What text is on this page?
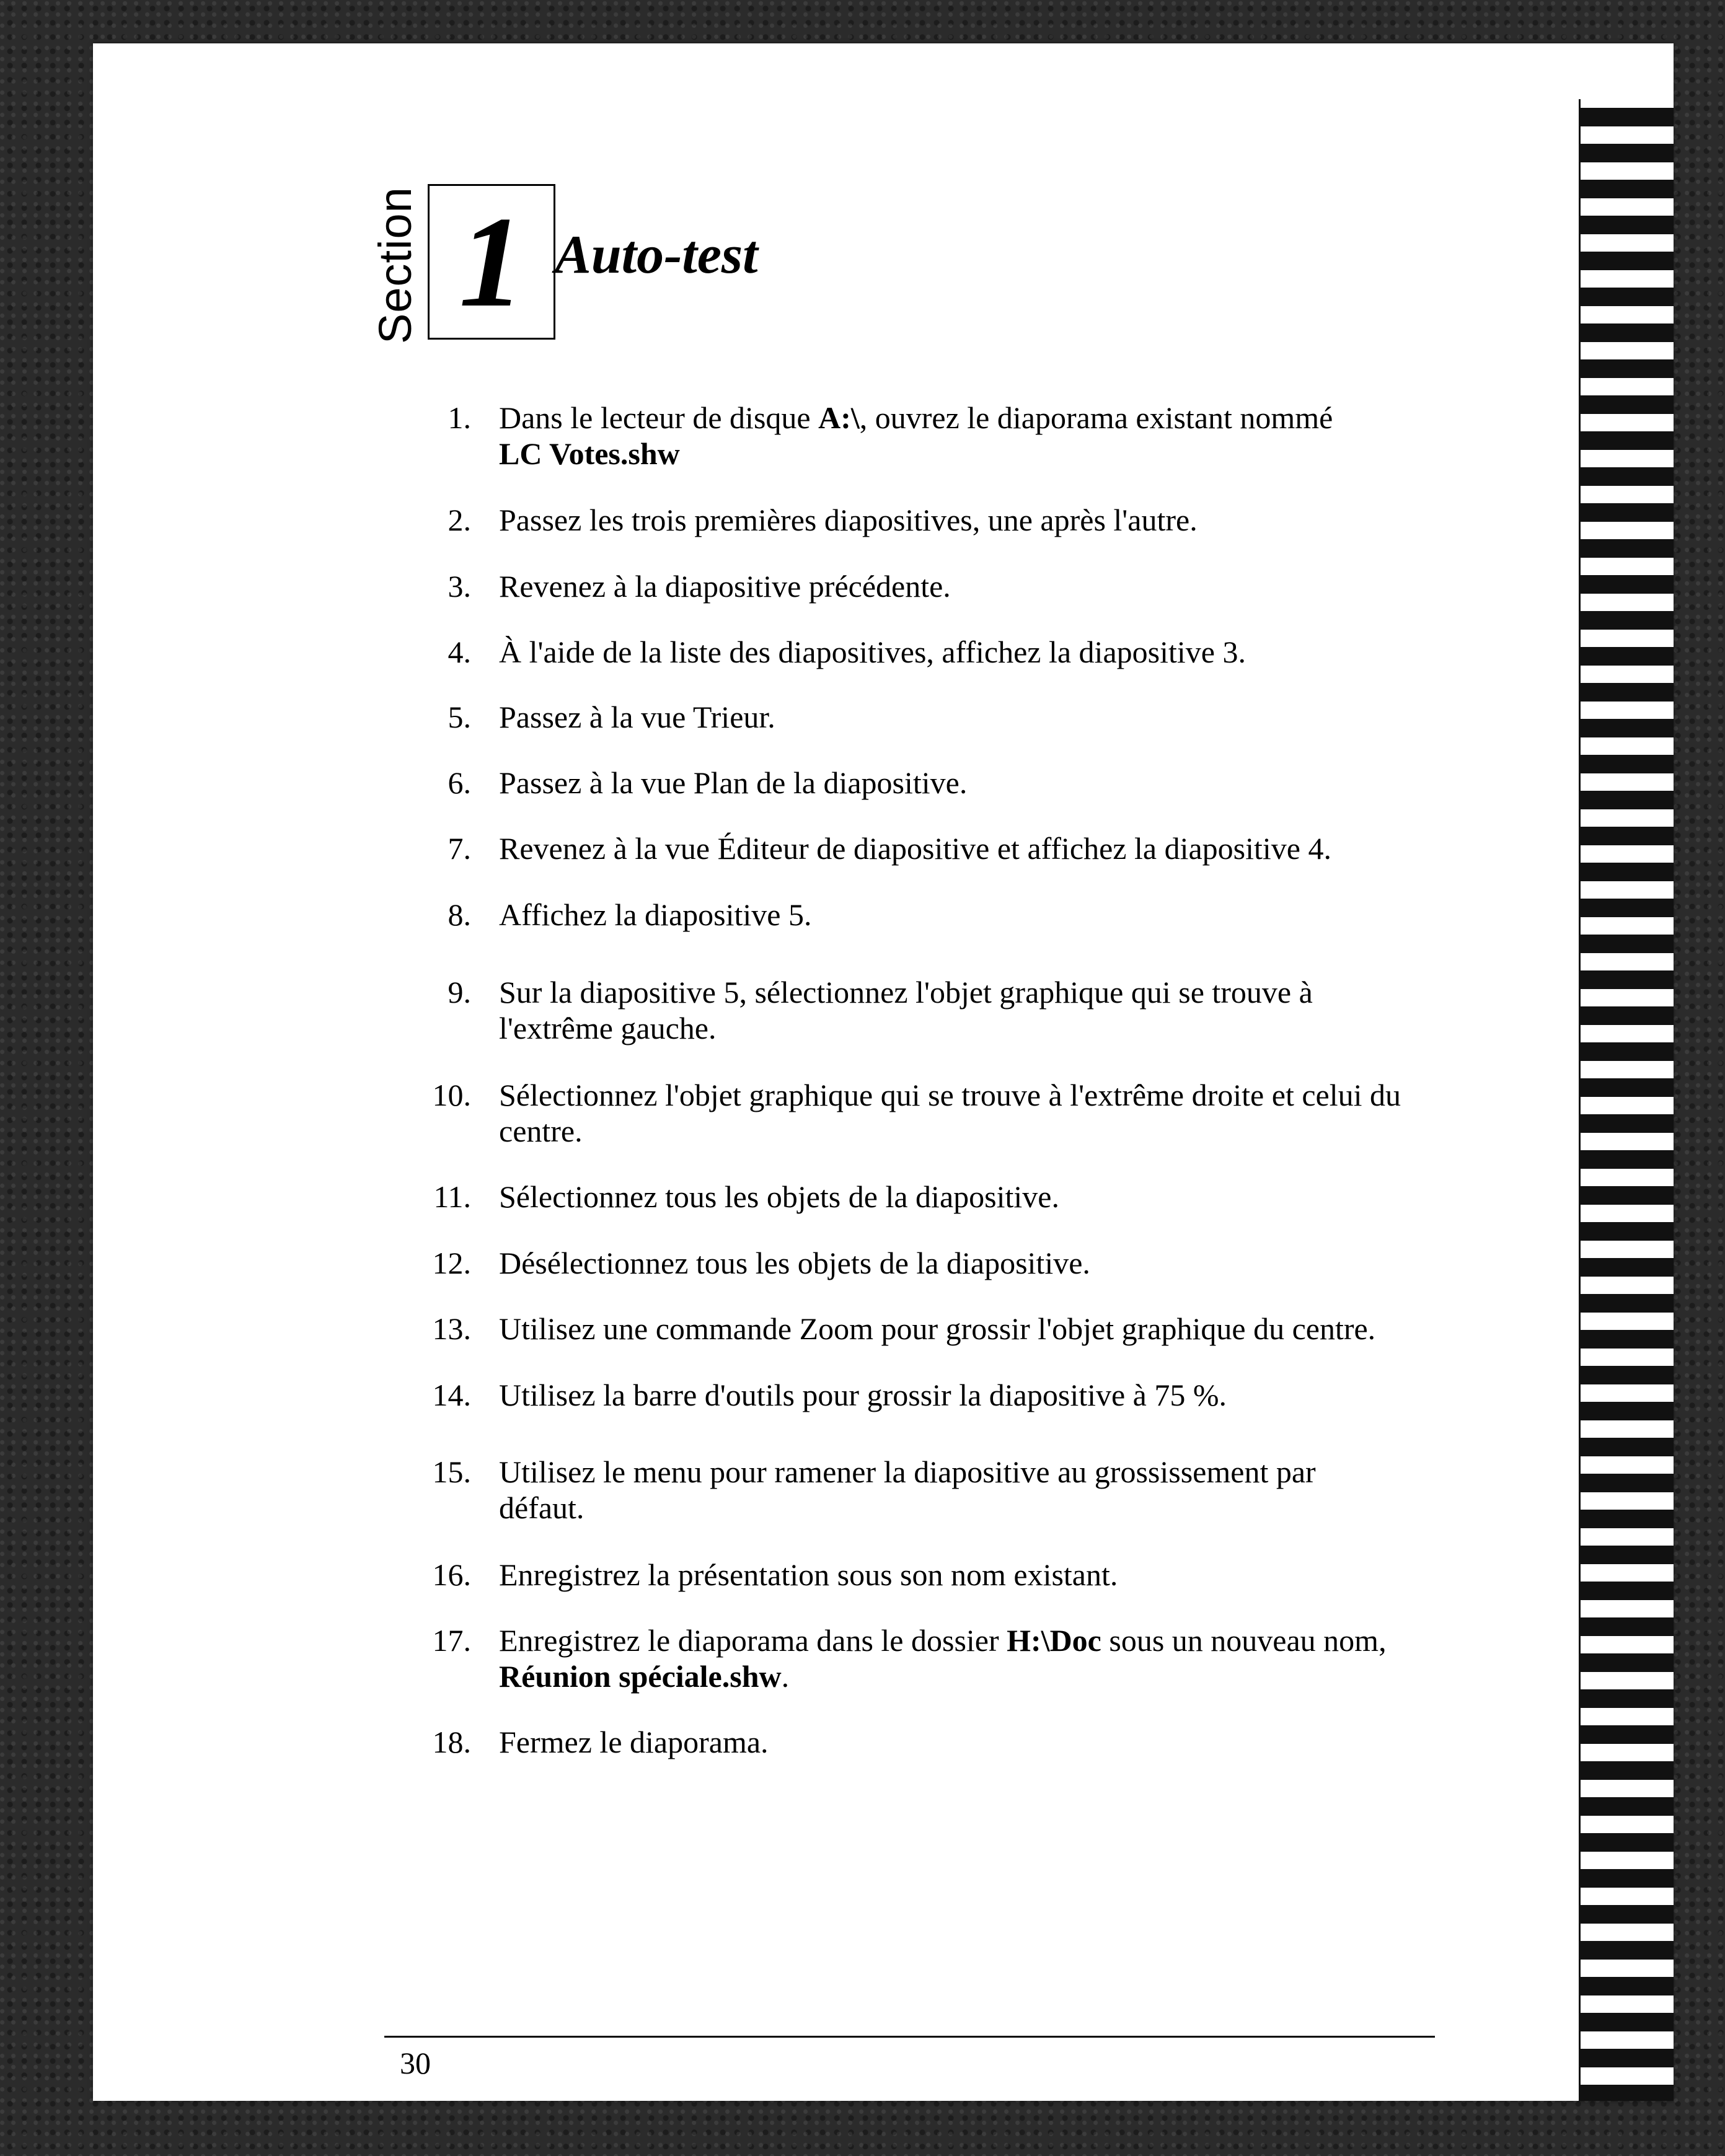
Section 1 Auto-test
1. Dans le lecteur de disque A:\, ouvrez le diaporama existant nommé
LC Votes.shw
2. Passez les trois premières diapositives, une après l'autre.
3. Revenez à la diapositive précédente.
4. À l'aide de la liste des diapositives, affichez la diapositive 3.
5. Passez à la vue Trieur.
6. Passez à la vue Plan de la diapositive.
7. Revenez à la vue Éditeur de diapositive et affichez la diapositive 4.
8. Affichez la diapositive 5.
9. Sur la diapositive 5, sélectionnez l'objet graphique qui se trouve à
l'extrême gauche.
10. Sélectionnez l'objet graphique qui se trouve à l'extrême droite et celui du
centre.
11. Sélectionnez tous les objets de la diapositive.
12. Désélectionnez tous les objets de la diapositive.
13. Utilisez une commande Zoom pour grossir l'objet graphique du centre.
14. Utilisez la barre d'outils pour grossir la diapositive à 75 %.
15. Utilisez le menu pour ramener la diapositive au grossissement par
défaut.
16. Enregistrez la présentation sous son nom existant.
17. Enregistrez le diaporama dans le dossier H:\Doc sous un nouveau nom,
Réunion spéciale.shw.
18. Fermez le diaporama.
30
